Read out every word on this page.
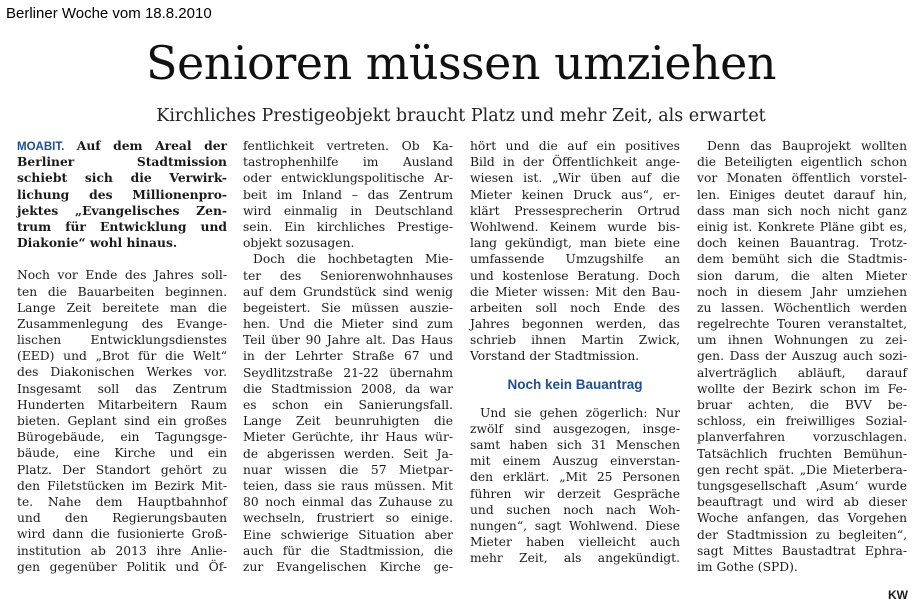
Berliner Woche vom 18.8.2010
Senioren müssen umziehen
Kirchliches Prestigeobjekt braucht Platz und mehr Zeit, als erwartet
MOABIT. Auf dem Areal der
Berliner Stadtmission
schiebt sich die Verwirk-
lichung des Millionenpro-
jektes „Evangelisches Zen-
trum für Entwicklung und
Diakonie“ wohl hinaus.
Noch vor Ende des Jahres soll-
ten die Bauarbeiten beginnen.
Lange Zeit bereitete man die
Zusammenlegung des Evange-
lischen Entwicklungsdienstes
(EED) und „Brot für die Welt“
des Diakonischen Werkes vor.
Insgesamt soll das Zentrum
Hunderten Mitarbeitern Raum
bieten. Geplant sind ein großes
Bürogebäude, ein Tagungsge-
bäude, eine Kirche und ein
Platz. Der Standort gehört zu
den Filetstücken im Bezirk Mit-
te. Nahe dem Hauptbahnhof
und den Regierungsbauten
wird dann die fusionierte Groß-
institution ab 2013 ihre Anlie-
gen gegenüber Politik und Öf-
fentlichkeit vertreten. Ob Ka-
tastrophenhilfe im Ausland
oder entwicklungspolitische Ar-
beit im Inland – das Zentrum
wird einmalig in Deutschland
sein. Ein kirchliches Prestige-
objekt sozusagen.
Doch die hochbetagten Mie-
ter des Seniorenwohnhauses
auf dem Grundstück sind wenig
begeistert. Sie müssen auszie-
hen. Und die Mieter sind zum
Teil über 90 Jahre alt. Das Haus
in der Lehrter Straße 67 und
Seydlitzstraße 21-22 übernahm
die Stadtmission 2008, da war
es schon ein Sanierungsfall.
Lange Zeit beunruhigten die
Mieter Gerüchte, ihr Haus wür-
de abgerissen werden. Seit Ja-
nuar wissen die 57 Mietpar-
teien, dass sie raus müssen. Mit
80 noch einmal das Zuhause zu
wechseln, frustriert so einige.
Eine schwierige Situation aber
auch für die Stadtmission, die
zur Evangelischen Kirche ge-
hört und die auf ein positives
Bild in der Öffentlichkeit ange-
wiesen ist. „Wir üben auf die
Mieter keinen Druck aus“, er-
klärt Pressesprecherin Ortrud
Wohlwend. Keinem wurde bis-
lang gekündigt, man biete eine
umfassende Umzugshilfe an
und kostenlose Beratung. Doch
die Mieter wissen: Mit den Bau-
arbeiten soll noch Ende des
Jahres begonnen werden, das
schrieb ihnen Martin Zwick,
Vorstand der Stadtmission.
Noch kein Bauantrag
Und sie gehen zögerlich: Nur
zwölf sind ausgezogen, insge-
samt haben sich 31 Menschen
mit einem Auszug einverstan-
den erklärt. „Mit 25 Personen
führen wir derzeit Gespräche
und suchen noch nach Woh-
nungen“, sagt Wohlwend. Diese
Mieter haben vielleicht auch
mehr Zeit, als angekündigt.
Denn das Bauprojekt wollten
die Beteiligten eigentlich schon
vor Monaten öffentlich vorstel-
len. Einiges deutet darauf hin,
dass man sich noch nicht ganz
einig ist. Konkrete Pläne gibt es,
doch keinen Bauantrag. Trotz-
dem bemüht sich die Stadtmis-
sion darum, die alten Mieter
noch in diesem Jahr umziehen
zu lassen. Wöchentlich werden
regelrechte Touren veranstaltet,
um ihnen Wohnungen zu zei-
gen. Dass der Auszug auch sozi-
alverträglich abläuft, darauf
wollte der Bezirk schon im Fe-
bruar achten, die BVV be-
schloss, ein freiwilliges Sozial-
planverfahren vorzuschlagen.
Tatsächlich fruchten Bemühun-
gen recht spät. „Die Mieterbera-
tungsgesellschaft ‚Asum‘ wurde
beauftragt und wird ab dieser
Woche anfangen, das Vorgehen
der Stadtmission zu begleiten“,
sagt Mittes Baustadtrat Ephra-
im Gothe (SPD).
KW
